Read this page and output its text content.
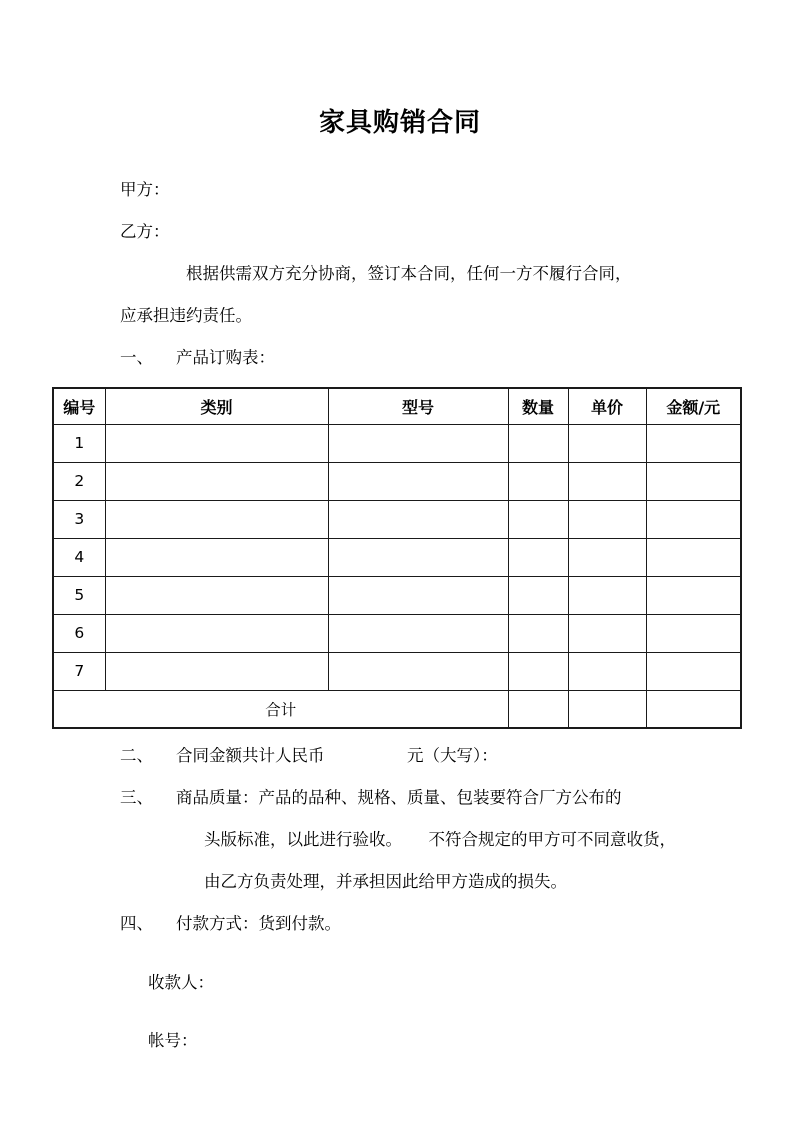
家具购销合同

甲方：

乙方：

根据供需双方充分协商，签订本合同，任何一方不履行合同，

应承担违约责任。

一、	产品订购表：
编号	类别	型号	数量	单价	金额/元
1					
2					
3					
4					
5					
6					
7					
合计					
二、	合同金额共计人民币	元（大写）：
三、	商品质量：产品的品种、规格、质量、包装要符合厂方公布的
头版标准，以此进行验收。 不符合规定的甲方可不同意收货，
由乙方负责处理，并承担因此给甲方造成的损失。
四、	付款方式：货到付款。

收款人：

帐号：
